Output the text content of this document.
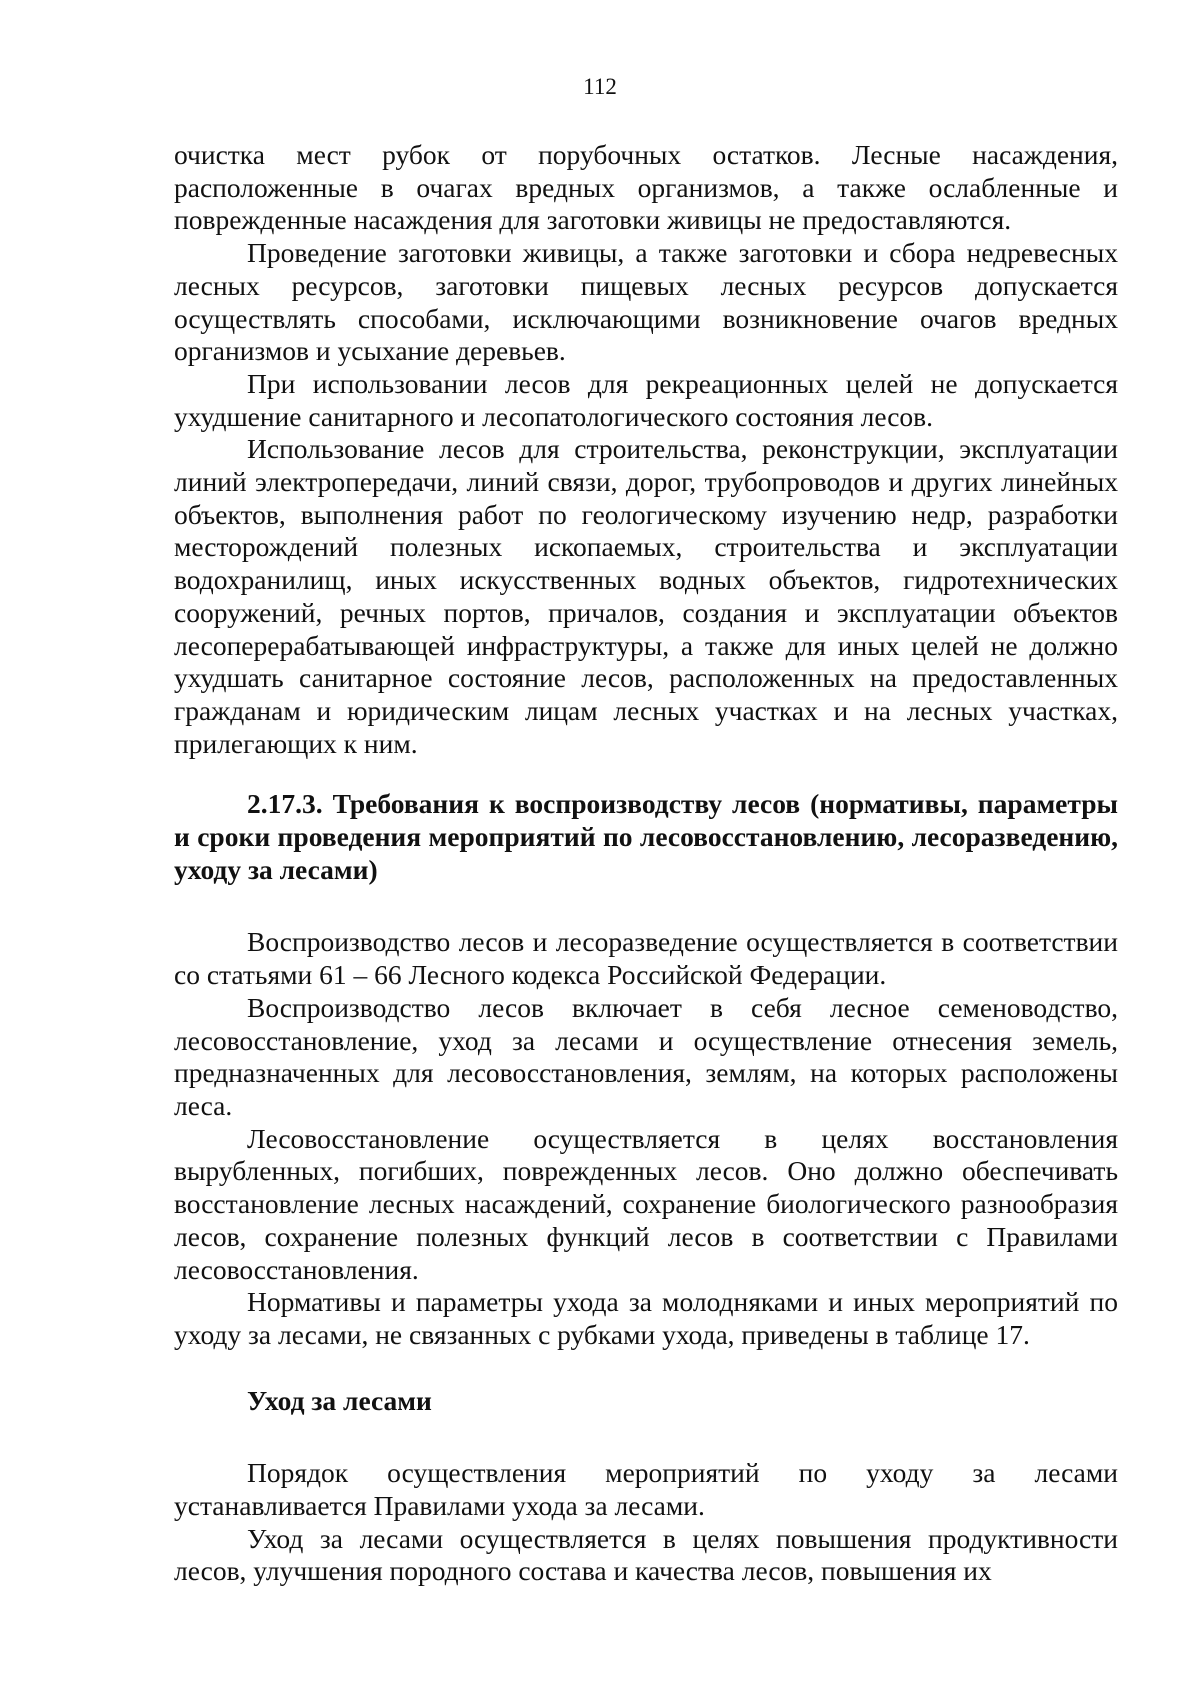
112

очистка мест рубок от порубочных остатков. Лесные насаждения, расположенные в очагах вредных организмов, а также ослабленные и поврежденные насаждения для заготовки живицы не предоставляются.

Проведение заготовки живицы, а также заготовки и сбора недревесных лесных ресурсов, заготовки пищевых лесных ресурсов допускается осуществлять способами, исключающими возникновение очагов вредных организмов и усыхание деревьев.

При использовании лесов для рекреационных целей не допускается ухудшение санитарного и лесопатологического состояния лесов.

Использование лесов для строительства, реконструкции, эксплуатации линий электропередачи, линий связи, дорог, трубопроводов и других линейных объектов, выполнения работ по геологическому изучению недр, разработки месторождений полезных ископаемых, строительства и эксплуатации водохранилищ, иных искусственных водных объектов, гидротехнических сооружений, речных портов, причалов, создания и эксплуатации объектов лесоперерабатывающей инфраструктуры, а также для иных целей не должно ухудшать санитарное состояние лесов, расположенных на предоставленных гражданам и юридическим лицам лесных участках и на лесных участках, прилегающих к ним.

2.17.3. Требования к воспроизводству лесов (нормативы, параметры и сроки проведения мероприятий по лесовосстановлению, лесоразведению, уходу за лесами)

Воспроизводство лесов и лесоразведение осуществляется в соответствии со статьями 61 – 66 Лесного кодекса Российской Федерации.

Воспроизводство лесов включает в себя лесное семеноводство, лесовосстановление, уход за лесами и осуществление отнесения земель, предназначенных для лесовосстановления, землям, на которых расположены леса.

Лесовосстановление осуществляется в целях восстановления вырубленных, погибших, поврежденных лесов. Оно должно обеспечивать восстановление лесных насаждений, сохранение биологического разнообразия лесов, сохранение полезных функций лесов в соответствии с Правилами лесовосстановления.

Нормативы и параметры ухода за молодняками и иных мероприятий по уходу за лесами, не связанных с рубками ухода, приведены в таблице 17.

Уход за лесами

Порядок осуществления мероприятий по уходу за лесами устанавливается Правилами ухода за лесами.

Уход за лесами осуществляется в целях повышения продуктивности лесов, улучшения породного состава и качества лесов, повышения их
